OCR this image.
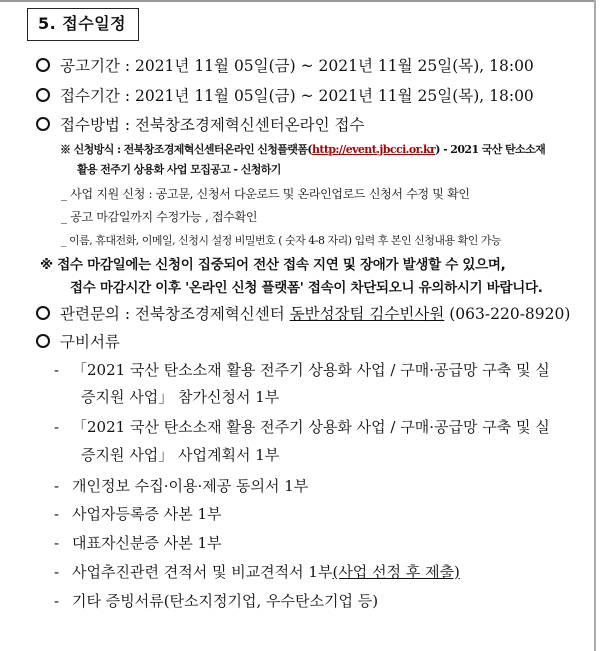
5. 접수일정
공고기간 : 2021년 11월 05일(금) ~ 2021년 11월 25일(목), 18:00
접수기간 : 2021년 11월 05일(금) ~ 2021년 11월 25일(목), 18:00
접수방법 : 전북창조경제혁신센터온라인 접수
※ 신청방식 : 전북창조경제혁신센터온라인 신청플랫폼(http://event.jbcci.or.kr) - 2021 국산 탄소소재
활용 전주기 상용화 사업 모집공고 - 신청하기
_ 사업 지원 신청 : 공고문, 신청서 다운로드 및 온라인업로드 신청서 수정 및 확인
_ 공고 마감일까지 수정가능 , 접수확인
_ 이름, 휴대전화, 이메일, 신청시 설정 비밀번호 ( 숫자 4-8 자리) 입력 후 본인 신청내용 확인 가능
※ 접수 마감일에는 신청이 집중되어 전산 접속 지연 및 장애가 발생할 수 있으며,
접수 마감시간 이후 '온라인 신청 플랫폼' 접속이 차단되오니 유의하시기 바랍니다.
관련문의 : 전북창조경제혁신센터 동반성장팀 김수빈사원 (063-220-8920)
구비서류
- 「2021 국산 탄소소재 활용 전주기 상용화 사업 / 구매·공급망 구축 및 실
증지원 사업」 참가신청서 1부
- 「2021 국산 탄소소재 활용 전주기 상용화 사업 / 구매·공급망 구축 및 실
증지원 사업」 사업계획서 1부
- 개인정보 수집·이용·제공 동의서 1부
- 사업자등록증 사본 1부
- 대표자신분증 사본 1부
- 사업추진관련 견적서 및 비교견적서 1부(사업 선정 후 제출)
- 기타 증빙서류(탄소지정기업, 우수탄소기업 등)
